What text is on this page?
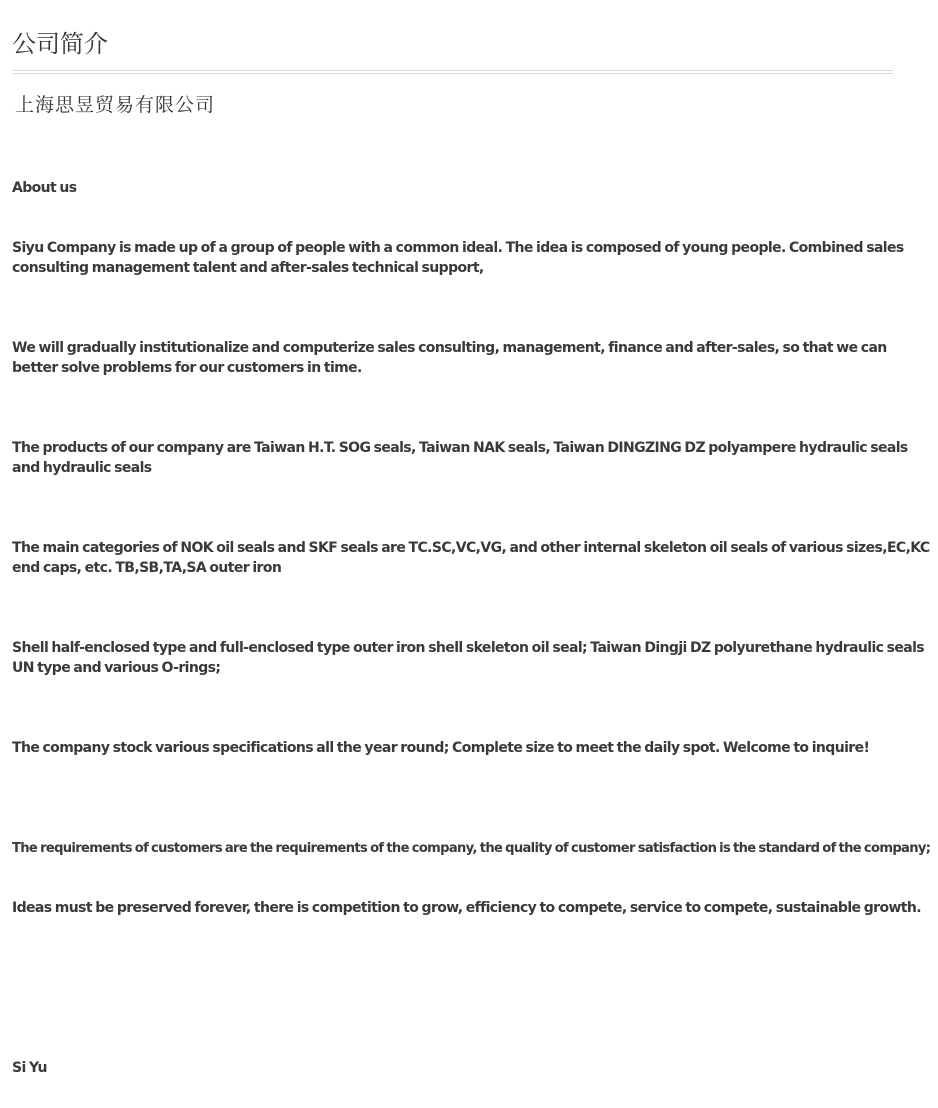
公司简介
上海思昱贸易有限公司
About us
Siyu Company is made up of a group of people with a common ideal. The idea is composed of young people. Combined sales consulting management talent and after-sales technical support,
We will gradually institutionalize and computerize sales consulting, management, finance and after-sales, so that we can better solve problems for our customers in time.
The products of our company are Taiwan H.T. SOG seals, Taiwan NAK seals, Taiwan DINGZING DZ polyampere hydraulic seals and hydraulic seals
The main categories of NOK oil seals and SKF seals are TC.SC,VC,VG, and other internal skeleton oil seals of various sizes,EC,KC end caps, etc. TB,SB,TA,SA outer iron
Shell half-enclosed type and full-enclosed type outer iron shell skeleton oil seal; Taiwan Dingji DZ polyurethane hydraulic seals UN type and various O-rings;
The company stock various specifications all the year round; Complete size to meet the daily spot. Welcome to inquire!
The requirements of customers are the requirements of the company, the quality of customer satisfaction is the standard of the company;
Ideas must be preserved forever, there is competition to grow, efficiency to compete, service to compete, sustainable growth.
Si Yu
